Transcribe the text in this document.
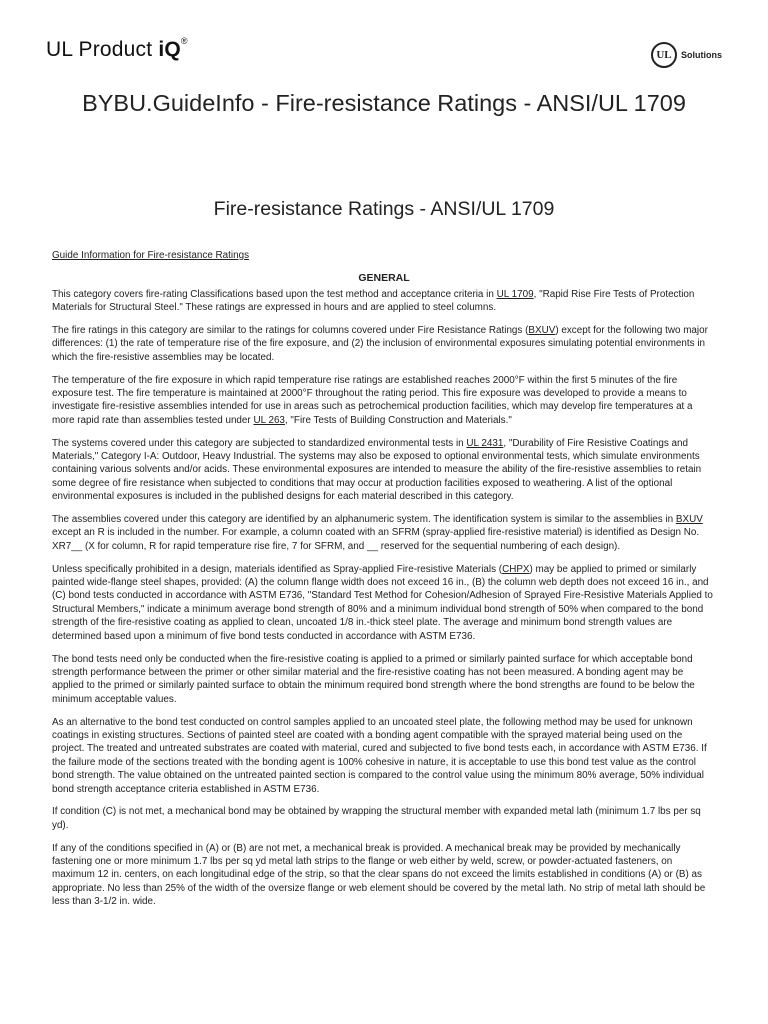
UL Product iQ®
UL	Solutions
BYBU.GuideInfo - Fire-resistance Ratings - ANSI/UL 1709
Fire-resistance Ratings - ANSI/UL 1709
Guide Information for Fire-resistance Ratings
GENERAL

This category covers fire-rating Classifications based upon the test method and acceptance criteria in UL 1709, "Rapid Rise Fire Tests of Protection Materials for Structural Steel." These ratings are expressed in hours and are applied to steel columns.

The fire ratings in this category are similar to the ratings for columns covered under Fire Resistance Ratings (BXUV) except for the following two major differences: (1) the rate of temperature rise of the fire exposure, and (2) the inclusion of environmental exposures simulating potential environments in which the fire-resistive assemblies may be located.

The temperature of the fire exposure in which rapid temperature rise ratings are established reaches 2000°F within the first 5 minutes of the fire exposure test. The fire temperature is maintained at 2000°F throughout the rating period. This fire exposure was developed to provide a means to investigate fire-resistive assemblies intended for use in areas such as petrochemical production facilities, which may develop fire temperatures at a more rapid rate than assemblies tested under UL 263, "Fire Tests of Building Construction and Materials."

The systems covered under this category are subjected to standardized environmental tests in UL 2431, "Durability of Fire Resistive Coatings and Materials," Category I-A: Outdoor, Heavy Industrial. The systems may also be exposed to optional environmental tests, which simulate environments containing various solvents and/or acids. These environmental exposures are intended to measure the ability of the fire-resistive assemblies to retain some degree of fire resistance when subjected to conditions that may occur at production facilities exposed to weathering. A list of the optional environmental exposures is included in the published designs for each material described in this category.

The assemblies covered under this category are identified by an alphanumeric system. The identification system is similar to the assemblies in BXUV except an R is included in the number. For example, a column coated with an SFRM (spray-applied fire-resistive material) is identified as Design No. XR7__ (X for column, R for rapid temperature rise fire, 7 for SFRM, and __ reserved for the sequential numbering of each design).

Unless specifically prohibited in a design, materials identified as Spray-applied Fire-resistive Materials (CHPX) may be applied to primed or similarly painted wide-flange steel shapes, provided: (A) the column flange width does not exceed 16 in., (B) the column web depth does not exceed 16 in., and (C) bond tests conducted in accordance with ASTM E736, "Standard Test Method for Cohesion/Adhesion of Sprayed Fire-Resistive Materials Applied to Structural Members," indicate a minimum average bond strength of 80% and a minimum individual bond strength of 50% when compared to the bond strength of the fire-resistive coating as applied to clean, uncoated 1/8 in.-thick steel plate. The average and minimum bond strength values are determined based upon a minimum of five bond tests conducted in accordance with ASTM E736.

The bond tests need only be conducted when the fire-resistive coating is applied to a primed or similarly painted surface for which acceptable bond strength performance between the primer or other similar material and the fire-resistive coating has not been measured. A bonding agent may be applied to the primed or similarly painted surface to obtain the minimum required bond strength where the bond strengths are found to be below the minimum acceptable values.

As an alternative to the bond test conducted on control samples applied to an uncoated steel plate, the following method may be used for unknown coatings in existing structures. Sections of painted steel are coated with a bonding agent compatible with the sprayed material being used on the project. The treated and untreated substrates are coated with material, cured and subjected to five bond tests each, in accordance with ASTM E736. If the failure mode of the sections treated with the bonding agent is 100% cohesive in nature, it is acceptable to use this bond test value as the control bond strength. The value obtained on the untreated painted section is compared to the control value using the minimum 80% average, 50% individual bond strength acceptance criteria established in ASTM E736.

If condition (C) is not met, a mechanical bond may be obtained by wrapping the structural member with expanded metal lath (minimum 1.7 lbs per sq yd).

If any of the conditions specified in (A) or (B) are not met, a mechanical break is provided. A mechanical break may be provided by mechanically fastening one or more minimum 1.7 lbs per sq yd metal lath strips to the flange or web either by weld, screw, or powder-actuated fasteners, on maximum 12 in. centers, on each longitudinal edge of the strip, so that the clear spans do not exceed the limits established in conditions (A) or (B) as appropriate. No less than 25% of the width of the oversize flange or web element should be covered by the metal lath. No strip of metal lath should be less than 3-1/2 in. wide.
